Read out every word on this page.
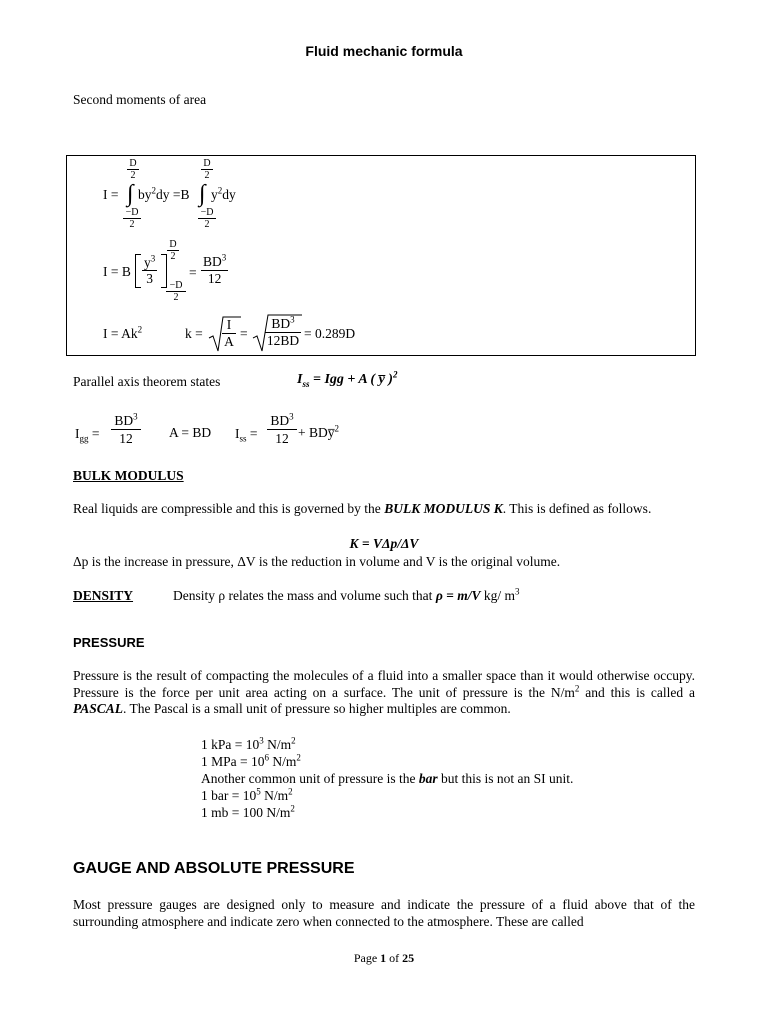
Fluid mechanic formula
Second moments of area
I =
D
2
∫ $by^2dy =B$
−D
2
D
2
∫ $y^2dy$
−D
2
I = B
$y^3$
3
D
2
−D
2
=
$BD^3$
12
$I = Ak^2$	k =
I
A
=
$BD^3$
12BD = 0.289D
Parallel axis theorem states	$I_{ss}$ = Igg + A ( y̅ )$^2$
$I_{gg}$ =
$BD^3$
12	A = BD $I_{ss}$ =
$BD^3$
12 + BDy̅$^2$
BULK MODULUS

Real liquids are compressible and this is governed by the BULK MODULUS K. This is defined as follows.

K = VΔp/ΔV
Δp is the increase in pressure, ΔV is the reduction in volume and V is the original volume.
DENSITY	Density ρ relates the mass and volume such that ρ = m/V kg/ $m^3$
PRESSURE

Pressure is the result of compacting the molecules of a fluid into a smaller space than it would otherwise occupy. Pressure is the force per unit area acting on a surface. The unit of pressure is the $N/m^2$ and this is called a PASCAL. The Pascal is a small unit of pressure so higher multiples are common.

1 kPa = $10^3$ $N/m^2$
1 MPa = $10^6$ $N/m^2$
Another common unit of pressure is the bar but this is not an SI unit.
1 bar = $10^5$ $N/m^2$
1 mb = 100 $N/m^2$
GAUGE AND ABSOLUTE PRESSURE

Most pressure gauges are designed only to measure and indicate the pressure of a fluid above that of the surrounding atmosphere and indicate zero when connected to the atmosphere. These are called

Page 1 of 25
